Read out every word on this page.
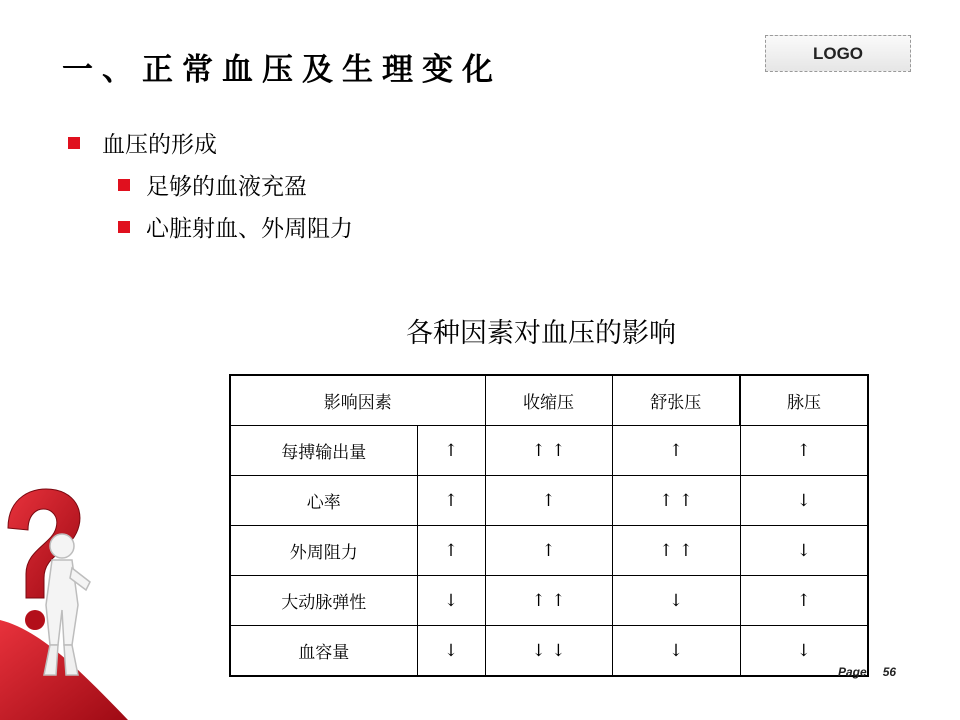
一、正常血压及生理变化	LOGO
血压的形成
足够的血液充盈
心脏射血、外周阻力
各种因素对血压的影响
影响因素		收缩压	舒张压	脉压
每搏输出量	↑	↑ ↑	↑	↑
心率	↑	↑	↑ ↑	↓
外周阻力	↑	↑	↑ ↑	↓
大动脉弹性	↓	↑ ↑	↓	↑
血容量	↓	↓ ↓	↓	↓
Page 56
